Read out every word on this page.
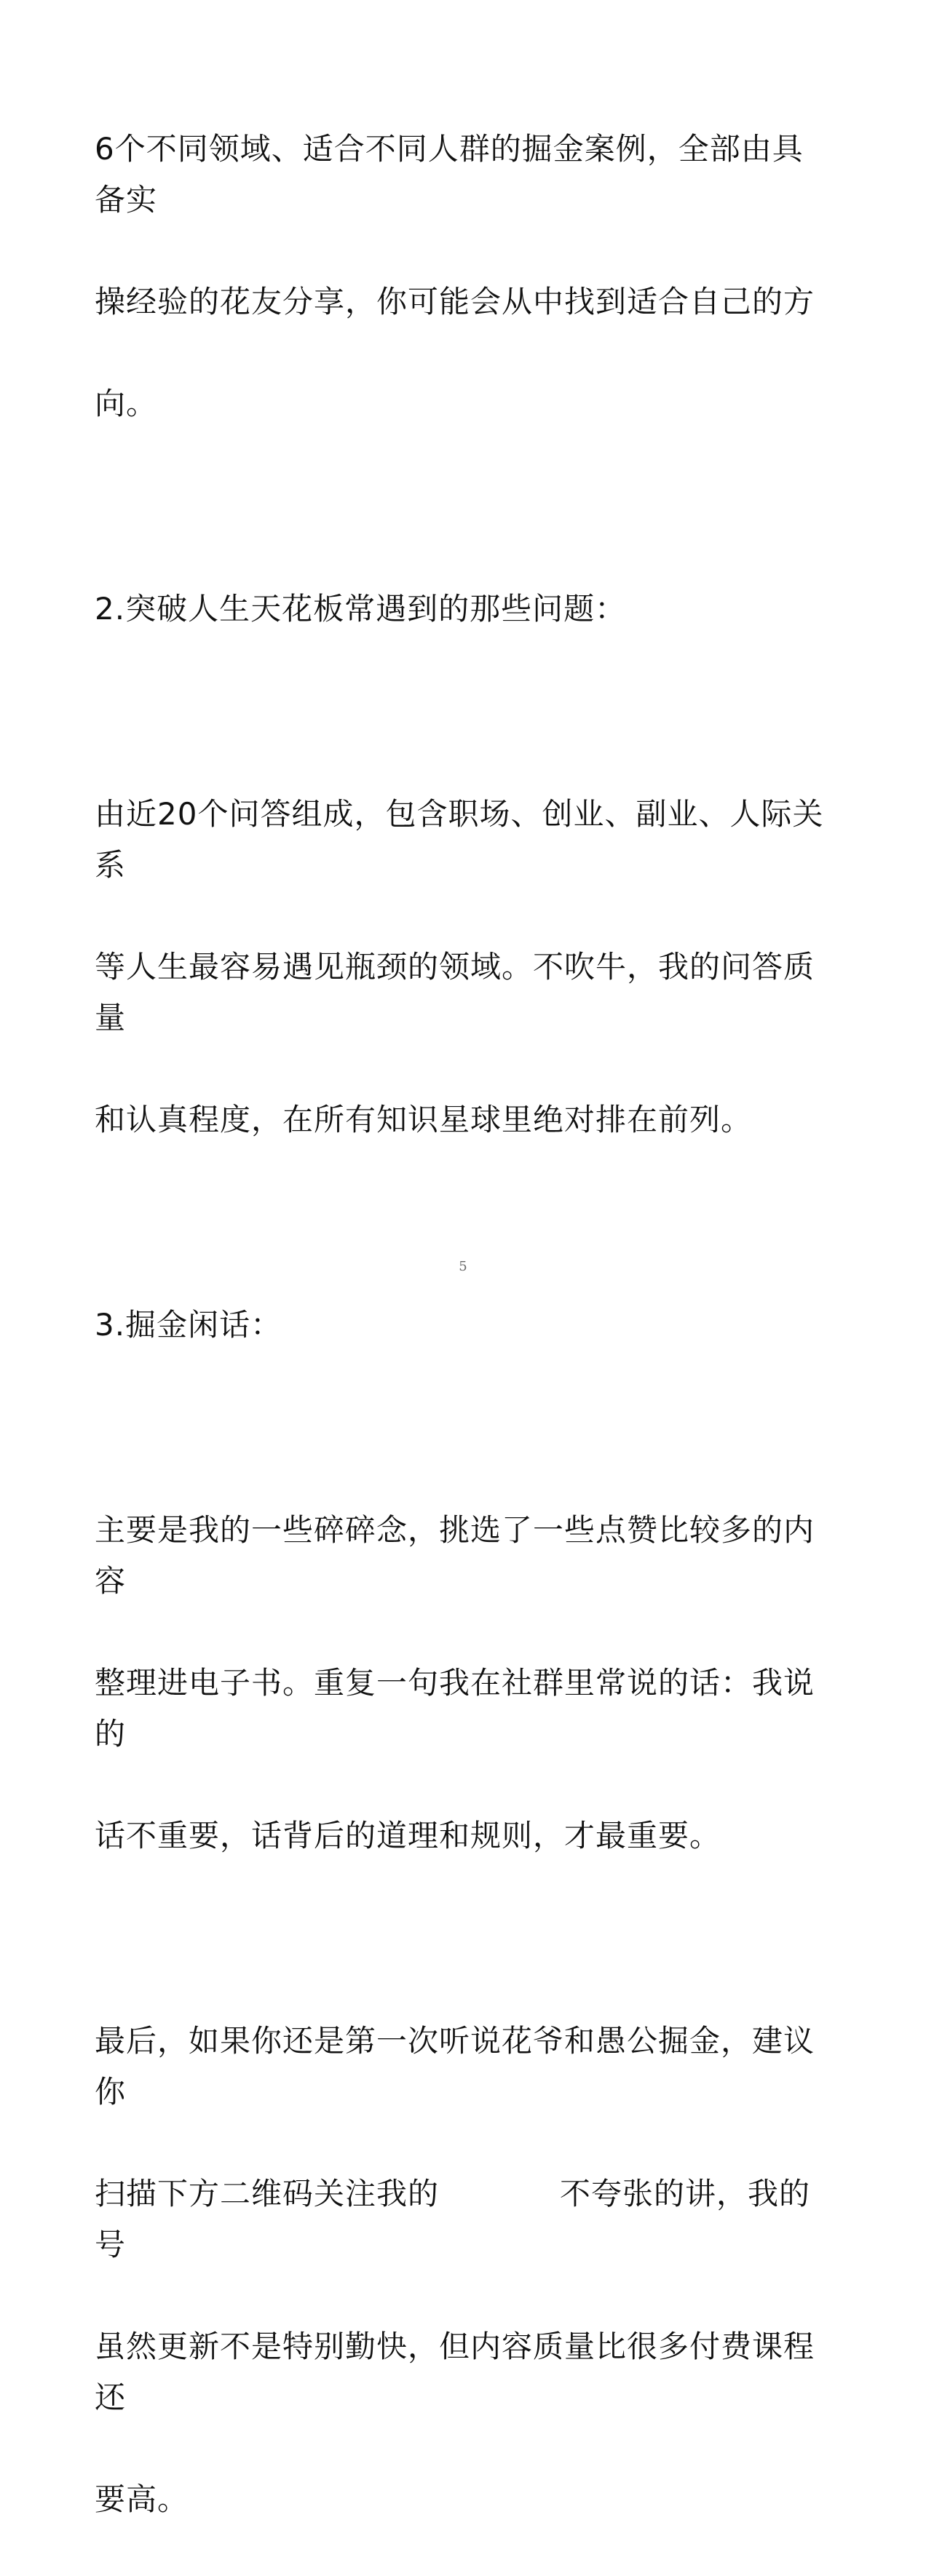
6个不同领域、适合不同人群的掘金案例，全部由具备实

操经验的花友分享，你可能会从中找到适合自己的方

向。

2.突破人生天花板常遇到的那些问题：

由近20个问答组成，包含职场、创业、副业、人际关系

等人生最容易遇见瓶颈的领域。不吹牛，我的问答质量

和认真程度，在所有知识星球里绝对排在前列。

3.掘金闲话：

主要是我的一些碎碎念，挑选了一些点赞比较多的内容

整理进电子书。重复一句我在社群里常说的话：我说的

话不重要，话背后的道理和规则，才最重要。

最后，如果你还是第一次听说花爷和愚公掘金，建议你

扫描下方二维码关注我的	不夸张的讲，我的号

虽然更新不是特别勤快，但内容质量比很多付费课程还

要高。

5
